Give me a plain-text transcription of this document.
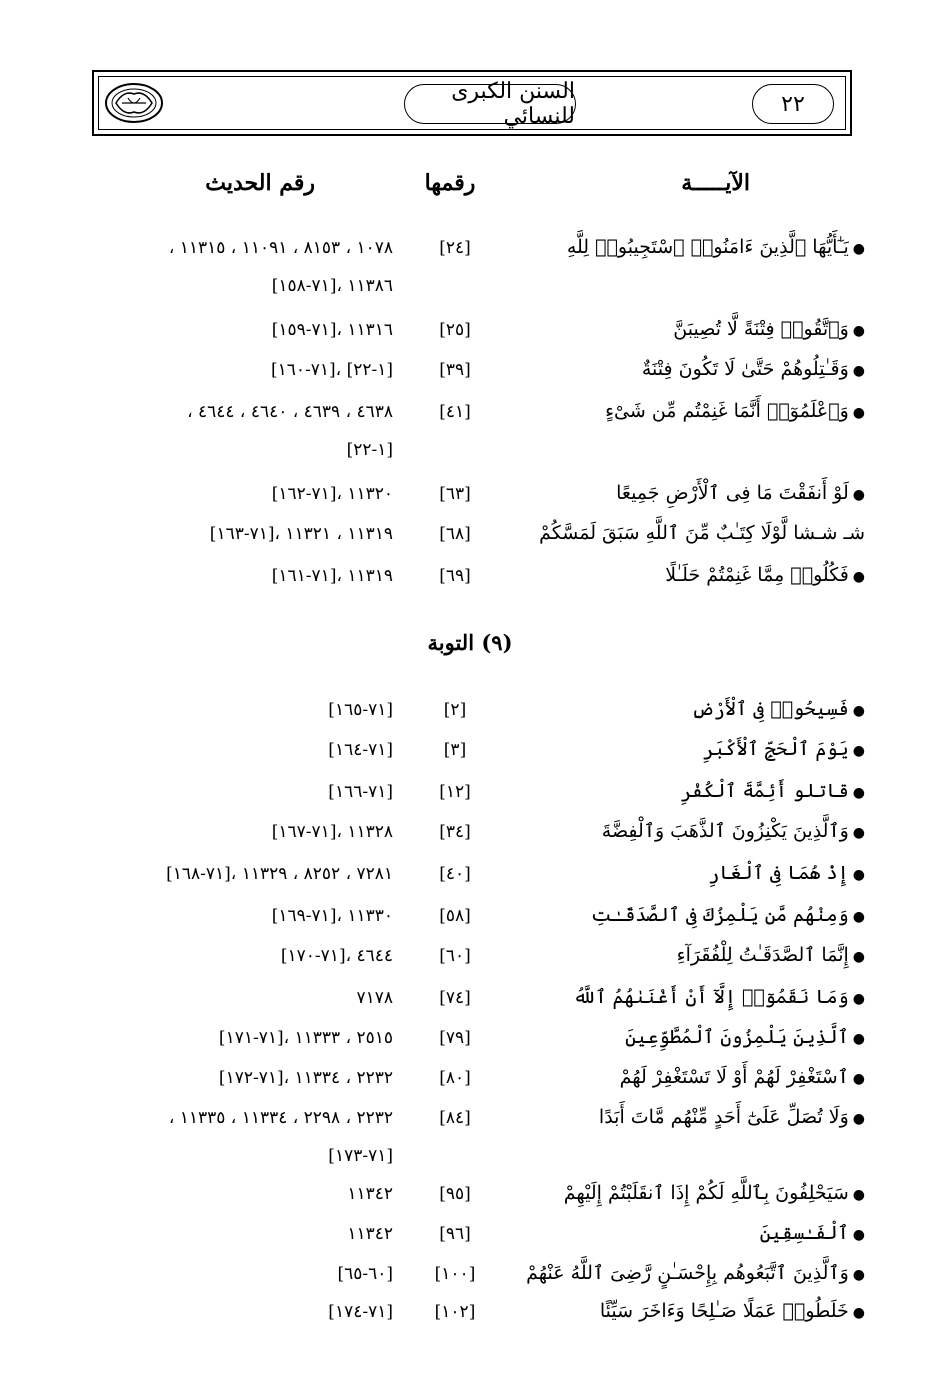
السنن الكبرى للنسائي	٢٢
الآيـــــة
رقمها
رقم الحديث
●يَـٰٓأَيُّهَا ٱلَّذِينَ ءَامَنُوا۟ ٱسْتَجِيبُوا۟ لِلَّهِ
[٢٤]
١٠٧٨ ، ٨١٥٣ ، ١١٠٩١ ، ١١٣١٥ ،
١١٣٨٦ ،[٧١-١٥٨]
●وَٱتَّقُوا۟ فِتْنَةً لَّا تُصِيبَنَّ
[٢٥]
١١٣١٦ ،[٧١-١٥٩]
●وَقَـٰتِلُوهُمْ حَتَّىٰ لَا تَكُونَ فِتْنَةٌ
[٣٩]
[١-٢٢] ،[٧١-١٦٠]
●وَٱعْلَمُوٓا۟ أَنَّمَا غَنِمْتُم مِّن شَىْءٍ
[٤١]
٤٦٣٨ ، ٤٦٣٩ ، ٤٦٤٠ ، ٤٦٤٤ ،
[١-٢٢]
●لَوْ أَنفَقْتَ مَا فِى ٱلْأَرْضِ جَمِيعًا
[٦٣]
١١٣٢٠ ،[٧١-١٦٢]
شـ شـشا لَّوْلَا كِتَـٰبٌ مِّنَ ٱللَّهِ سَبَقَ لَمَسَّكُمْ
[٦٨]
١١٣١٩ ، ١١٣٢١ ،[٧١-١٦٣]
●فَكُلُوا۟ مِمَّا غَنِمْتُمْ حَلَـٰلًا
[٦٩]
١١٣١٩ ،[٧١-١٦١]
(٩) التوبة
●فَسِيحُوا۟ فِى ٱلْأَرْضِ
[٢]
[٧١-١٦٥]
●يَوْمَ ٱلْحَجِّ ٱلْأَكْبَرِ
[٣]
[٧١-١٦٤]
●قاتلو أَئِمَّةَ ٱلْكُفْرِ
[١٢]
[٧١-١٦٦]
●وَٱلَّذِينَ يَكْنِزُونَ ٱلذَّهَبَ وَٱلْفِضَّةَ
[٣٤]
١١٣٢٨ ،[٧١-١٦٧]
●إِذْ هُمَا فِى ٱلْغَارِ
[٤٠]
٧٢٨١ ، ٨٢٥٢ ، ١١٣٢٩ ،[٧١-١٦٨]
●وَمِنْهُم مَّن يَلْمِزُكَ فِى ٱلصَّدَقَـٰتِ
[٥٨]
١١٣٣٠ ،[٧١-١٦٩]
●إِنَّمَا ٱلصَّدَقَـٰتُ لِلْفُقَرَآءِ
[٦٠]
٤٦٤٤ ،[٧١-١٧٠]
●وَمَا نَقَمُوٓا۟ إِلَّآ أَنْ أَغْنَىٰهُمُ ٱللَّهُ
[٧٤]
٧١٧٨
●ٱلَّذِينَ يَلْمِزُونَ ٱلْمُطَّوِّعِينَ
[٧٩]
٢٥١٥ ، ١١٣٣٣ ،[٧١-١٧١]
●ٱسْتَغْفِرْ لَهُمْ أَوْ لَا تَسْتَغْفِرْ لَهُمْ
[٨٠]
٢٢٣٢ ، ١١٣٣٤ ،[٧١-١٧٢]
●وَلَا تُصَلِّ عَلَىٰٓ أَحَدٍ مِّنْهُم مَّاتَ أَبَدًا
[٨٤]
٢٢٣٢ ، ٢٢٩٨ ، ١١٣٣٤ ، ١١٣٣٥ ،
[٧١-١٧٣]
●سَيَحْلِفُونَ بِٱللَّهِ لَكُمْ إِذَا ٱنقَلَبْتُمْ إِلَيْهِمْ
[٩٥]
١١٣٤٢
●ٱلْفَـٰسِقِينَ
[٩٦]
١١٣٤٢
●وَٱلَّذِينَ ٱتَّبَعُوهُم بِإِحْسَـٰنٍ رَّضِىَ ٱللَّهُ عَنْهُمْ
[١٠٠]
[٦٠-٦٥]
●خَلَطُوا۟ عَمَلًا صَـٰلِحًا وَءَاخَرَ سَيِّئًا
[١٠٢]
[٧١-١٧٤]
